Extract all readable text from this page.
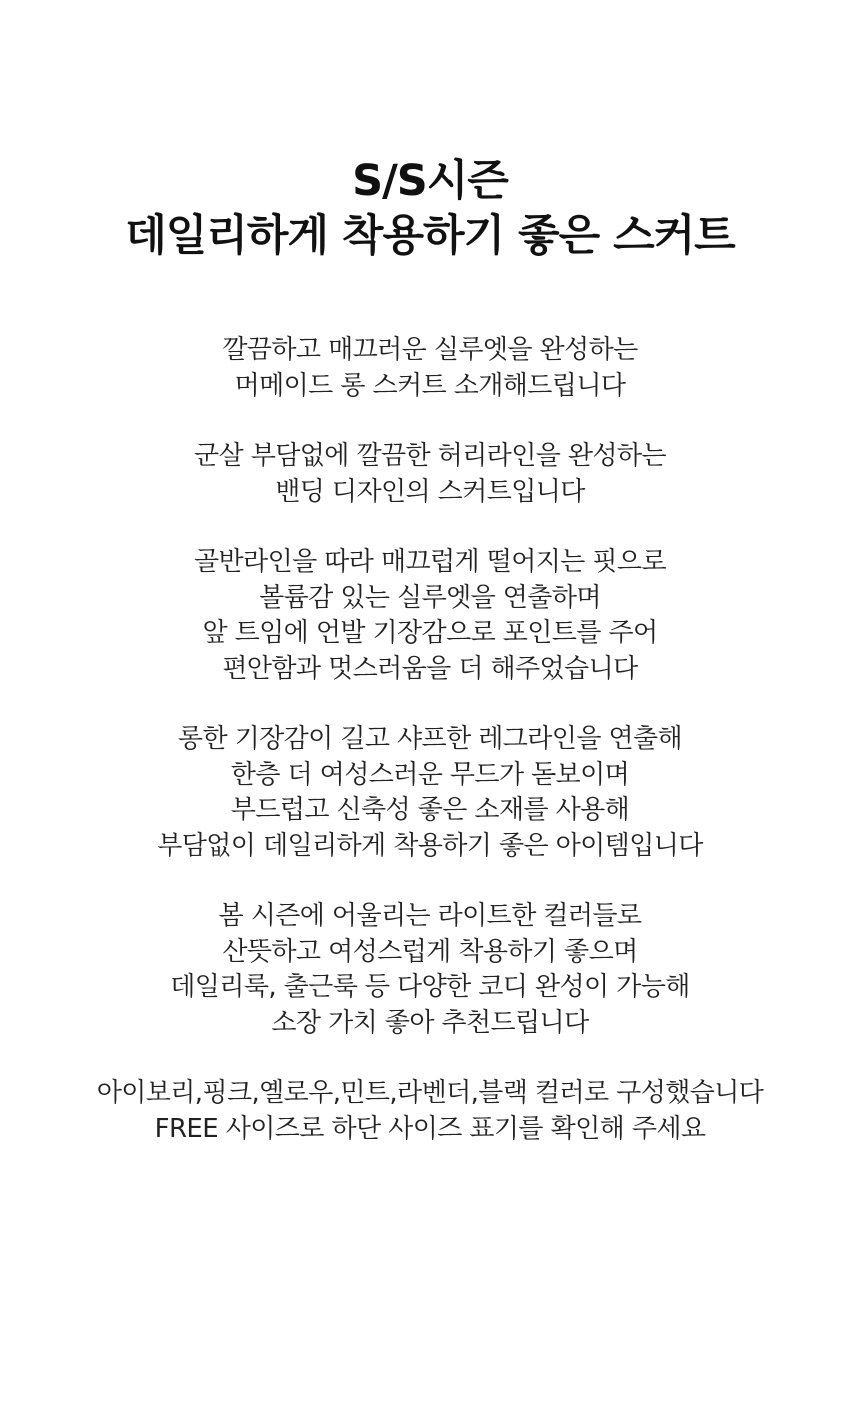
S/S시즌
데일리하게 착용하기 좋은 스커트
깔끔하고 매끄러운 실루엣을 완성하는
머메이드 롱 스커트 소개해드립니다
군살 부담없에 깔끔한 허리라인을 완성하는
밴딩 디자인의 스커트입니다
골반라인을 따라 매끄럽게 떨어지는 핏으로
볼륨감 있는 실루엣을 연출하며
앞 트임에 언발 기장감으로 포인트를 주어
편안함과 멋스러움을 더 해주었습니다
롱한 기장감이 길고 샤프한 레그라인을 연출해
한층 더 여성스러운 무드가 돋보이며
부드럽고 신축성 좋은 소재를 사용해
부담없이 데일리하게 착용하기 좋은 아이템입니다
봄 시즌에 어울리는 라이트한 컬러들로
산뜻하고 여성스럽게 착용하기 좋으며
데일리룩, 출근룩 등 다양한 코디 완성이 가능해
소장 가치 좋아 추천드립니다
아이보리,핑크,옐로우,민트,라벤더,블랙 컬러로 구성했습니다
FREE 사이즈로 하단 사이즈 표기를 확인해 주세요
